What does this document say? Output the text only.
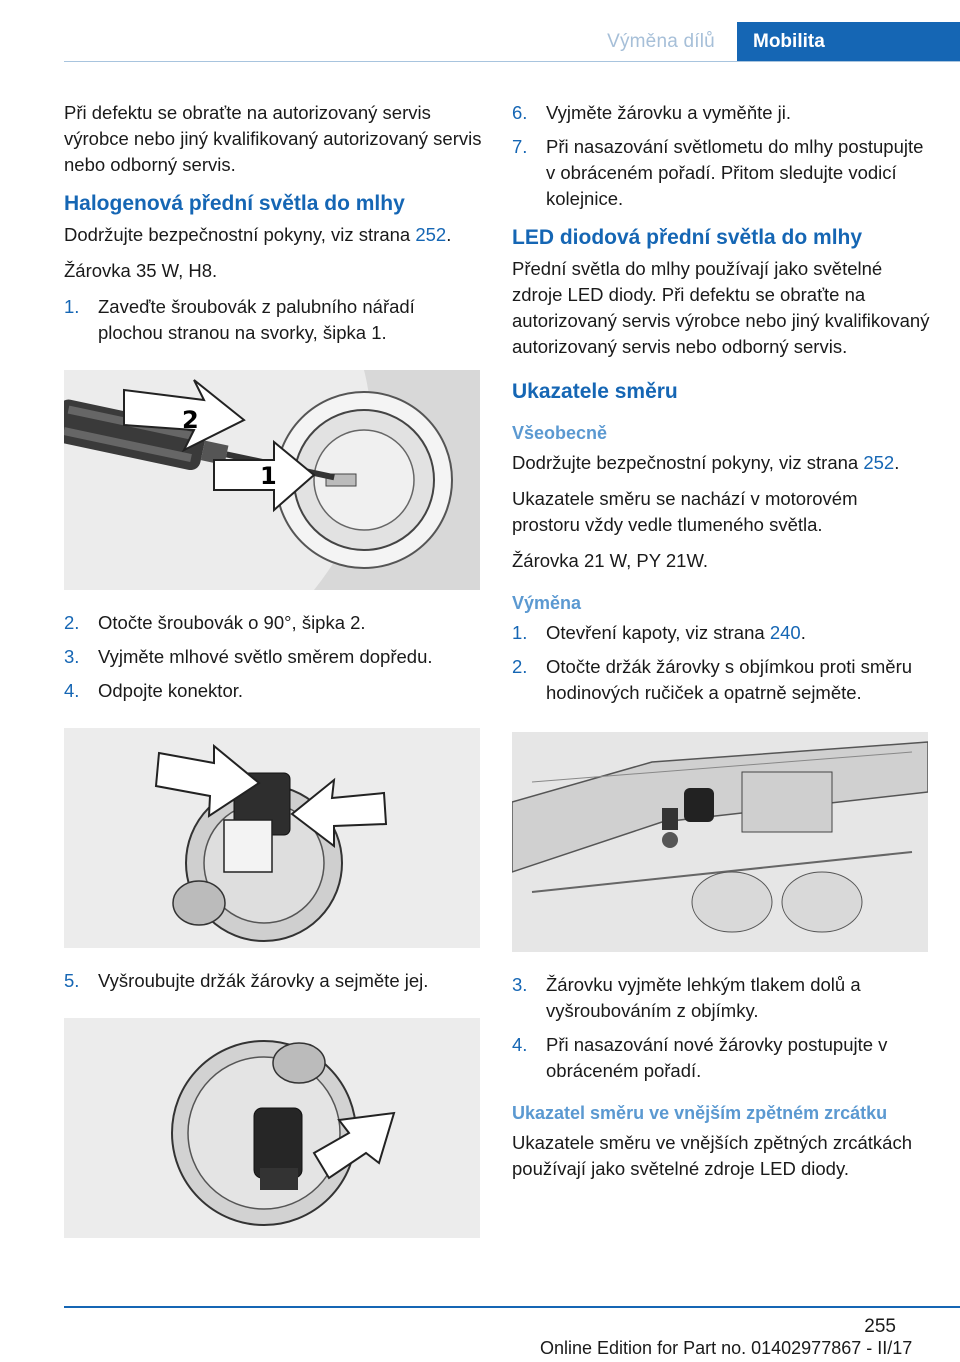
Výměna dílů	Mobilita

Při defektu se obraťte na autorizovaný servis výrobce nebo jiný kvalifikovaný autorizovaný servis nebo odborný servis.

Halogenová přední světla do mlhy

Dodržujte bezpečnostní pokyny, viz strana 252.

Žárovka 35 W, H8.

1. Zaveďte šroubovák z palubního nářadí plochou stranou na svorky, šipka 1.
2
1
2. Otočte šroubovák o 90°, šipka 2.
3. Vyjměte mlhové světlo směrem dopředu.
4. Odpojte konektor.
5. Vyšroubujte držák žárovky a sejměte jej.
6. Vyjměte žárovku a vyměňte ji.
7. Při nasazování světlometu do mlhy postupujte v obráceném pořadí. Přitom sledujte vodicí kolejnice.
LED diodová přední světla do mlhy

Přední světla do mlhy používají jako světelné zdroje LED diody. Při defektu se obraťte na autorizovaný servis výrobce nebo jiný kvalifikovaný autorizovaný servis nebo odborný servis.

Ukazatele směru
Všeobecně

Dodržujte bezpečnostní pokyny, viz strana 252.

Ukazatele směru se nachází v motorovém prostoru vždy vedle tlumeného světla.

Žárovka 21 W, PY 21W.

Výměna
1. Otevření kapoty, viz strana 240.
2. Otočte držák žárovky s objímkou proti směru hodinových ručiček a opatrně sejměte.
3. Žárovku vyjměte lehkým tlakem dolů a vyšroubováním z objímky.
4. Při nasazování nové žárovky postupujte v obráceném pořadí.
Ukazatel směru ve vnějším zpětném zrcátku

Ukazatele směru ve vnějších zpětných zrcátkách používají jako světelné zdroje LED diody.

255
Online Edition for Part no. 01402977867 - II/17
